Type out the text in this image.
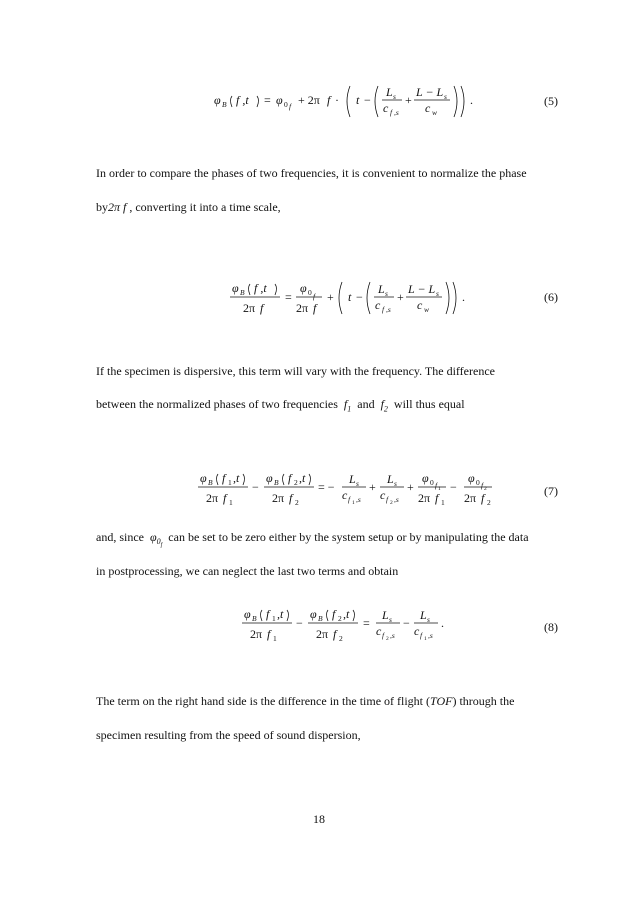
φ B f ,t = φ 0 f + 2π f · t −
L s
c f ,s
+
L − L s
c w
.	(5)

In order to compare the phases of two frequencies, it is convenient to normalize the phase

by2π f , converting it into a time scale,

φ B f ,t
2π f
=
φ 0 f
2π f
+ t −
L s
c f ,s
+
L − L s
c w
.	(6)

If the specimen is dispersive, this term will vary with the frequency. The difference

between the normalized phases of two frequencies  $f_1$ and  $f_2$ will thus equal

φ B f 1 ,t
2π f 1
−
φ B f 2 ,t
2π f 2
= −
L s
c f 1 ,s
+
L s
c f 2 ,s
+
φ 0 f 1
2π f 1
−
φ 0 f 2
2π f 2
(7)

and, since  $\varphi_{0_f}$  can be set to be zero either by the system setup or by manipulating the data

in postprocessing, we can neglect the last two terms and obtain

φ B f 1 ,t
2π f 1
−
φ B f 2 ,t
2π f 2
=
L s
c f 2 ,s
−
L s
c f 1 ,s
.	(8)

The term on the right hand side is the difference in the time of flight (TOF) through the

specimen resulting from the speed of sound dispersion,

18
